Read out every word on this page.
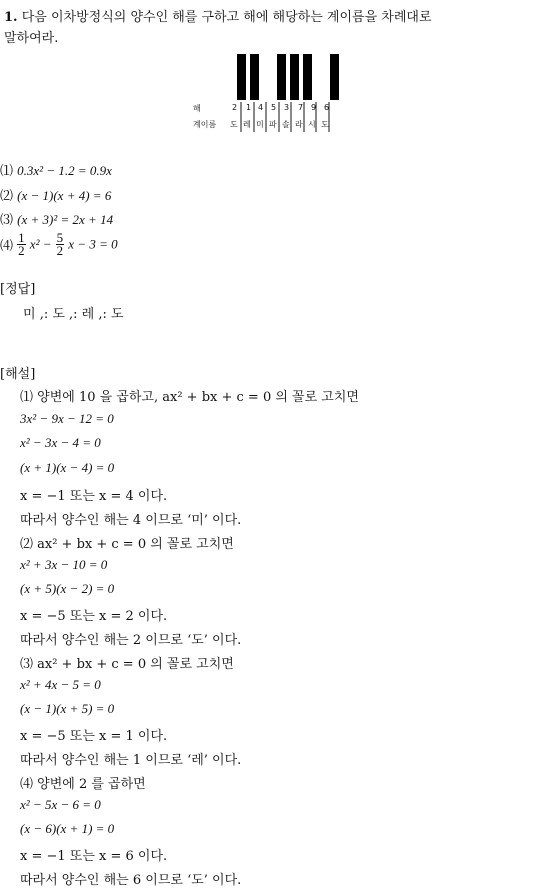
1. 다음 이차방정식의 양수인 해를 구하고 해에 해당하는 계이름을 차례대로
말하여라.
해
계이름
2 1 4 5 3 7 9 6
도 레 미 파 솔 라 시 도
⑴ 0.3x² − 1.2 = 0.9x
⑵ (x − 1)(x + 4) = 6
⑶ (x + 3)² = 2x + 14
⑷ $\frac{1}{2} x^2 - \frac{5}{2}$ x − 3 = 0
[정답]
미 ,: 도 ,: 레 ,: 도
[해설]
⑴ 양변에 10 을 곱하고, ax² + bx + c = 0 의 꼴로 고치면
3x² − 9x − 12 = 0
x² − 3x − 4 = 0
(x + 1)(x − 4) = 0
x = −1 또는 x = 4 이다.
따라서 양수인 해는 4 이므로 ‘미’ 이다.
⑵ ax² + bx + c = 0 의 꼴로 고치면
x² + 3x − 10 = 0
(x + 5)(x − 2) = 0
x = −5 또는 x = 2 이다.
따라서 양수인 해는 2 이므로 ‘도’ 이다.
⑶ ax² + bx + c = 0 의 꼴로 고치면
x² + 4x − 5 = 0
(x − 1)(x + 5) = 0
x = −5 또는 x = 1 이다.
따라서 양수인 해는 1 이므로 ‘레’ 이다.
⑷ 양변에 2 를 곱하면
x² − 5x − 6 = 0
(x − 6)(x + 1) = 0
x = −1 또는 x = 6 이다.
따라서 양수인 해는 6 이므로 ‘도’ 이다.
